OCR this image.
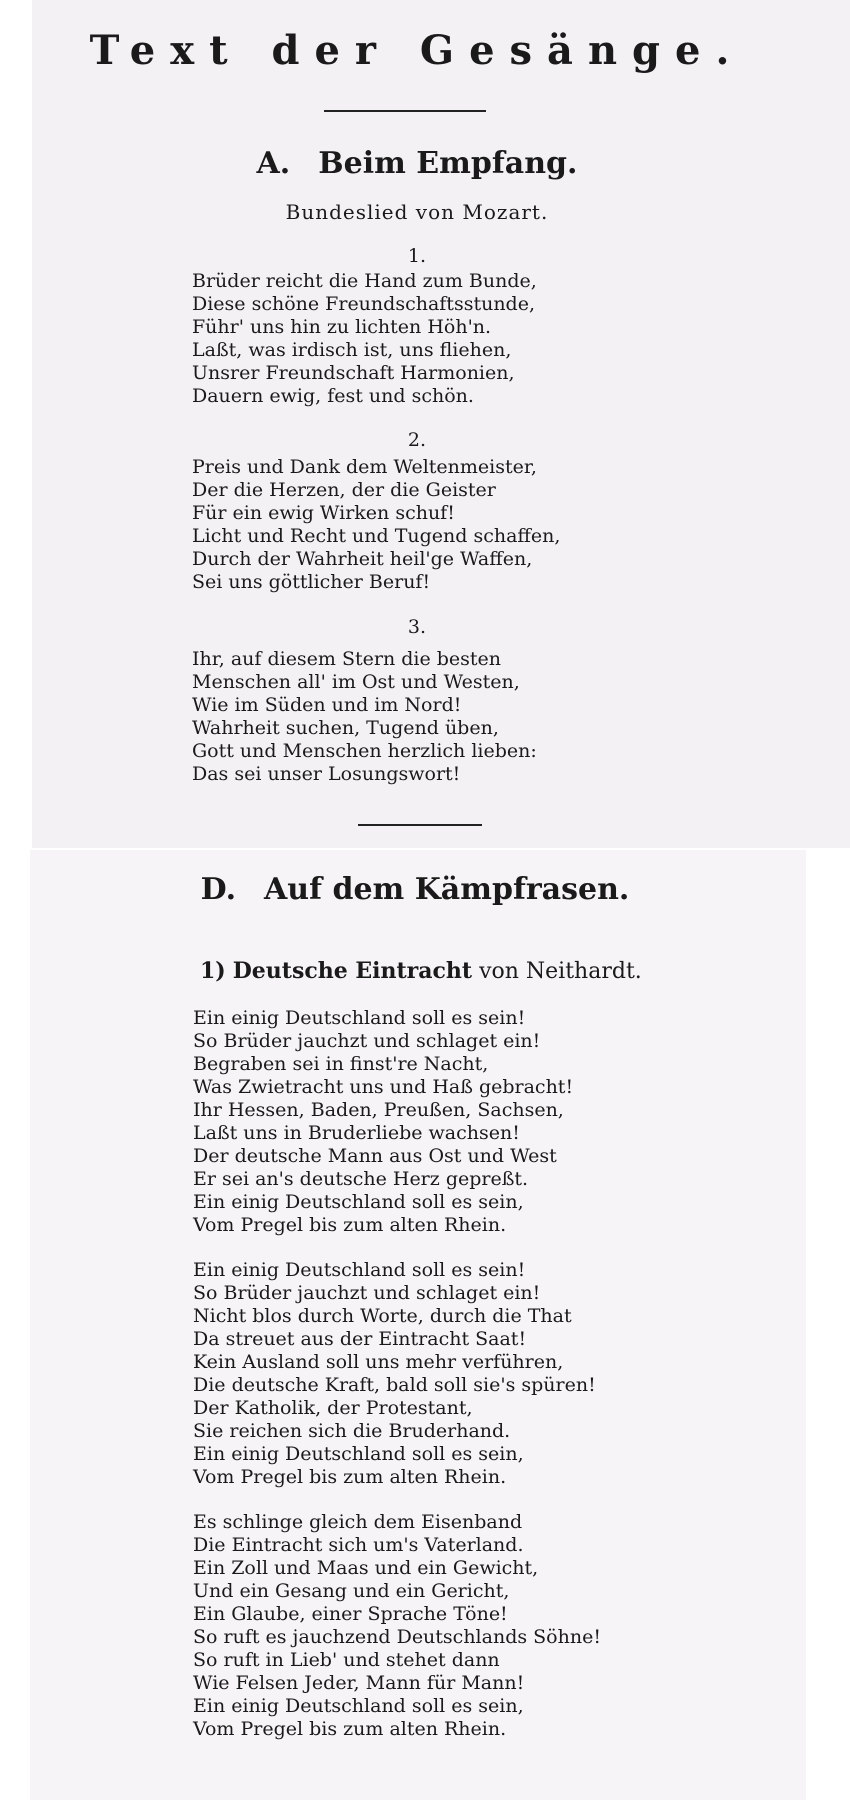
Text der Gesänge.
A. Beim Empfang.
Bundeslied von Mozart.
1.
Brüder reicht die Hand zum Bunde,
Diese schöne Freundschaftsstunde,
Führ' uns hin zu lichten Höh'n.
Laßt, was irdisch ist, uns fliehen,
Unsrer Freundschaft Harmonien,
Dauern ewig, fest und schön.
2.
Preis und Dank dem Weltenmeister,
Der die Herzen, der die Geister
Für ein ewig Wirken schuf!
Licht und Recht und Tugend schaffen,
Durch der Wahrheit heil'ge Waffen,
Sei uns göttlicher Beruf!
3.
Ihr, auf diesem Stern die besten
Menschen all' im Ost und Westen,
Wie im Süden und im Nord!
Wahrheit suchen, Tugend üben,
Gott und Menschen herzlich lieben:
Das sei unser Losungswort!
D. Auf dem Kämpfrasen.
1) Deutsche Eintracht von Neithardt.
Ein einig Deutschland soll es sein!
So Brüder jauchzt und schlaget ein!
Begraben sei in finst're Nacht,
Was Zwietracht uns und Haß gebracht!
Ihr Hessen, Baden, Preußen, Sachsen,
Laßt uns in Bruderliebe wachsen!
Der deutsche Mann aus Ost und West
Er sei an's deutsche Herz gepreßt.
Ein einig Deutschland soll es sein,
Vom Pregel bis zum alten Rhein.
Ein einig Deutschland soll es sein!
So Brüder jauchzt und schlaget ein!
Nicht blos durch Worte, durch die That
Da streuet aus der Eintracht Saat!
Kein Ausland soll uns mehr verführen,
Die deutsche Kraft, bald soll sie's spüren!
Der Katholik, der Protestant,
Sie reichen sich die Bruderhand.
Ein einig Deutschland soll es sein,
Vom Pregel bis zum alten Rhein.
Es schlinge gleich dem Eisenband
Die Eintracht sich um's Vaterland.
Ein Zoll und Maas und ein Gewicht,
Und ein Gesang und ein Gericht,
Ein Glaube, einer Sprache Töne!
So ruft es jauchzend Deutschlands Söhne!
So ruft in Lieb' und stehet dann
Wie Felsen Jeder, Mann für Mann!
Ein einig Deutschland soll es sein,
Vom Pregel bis zum alten Rhein.
